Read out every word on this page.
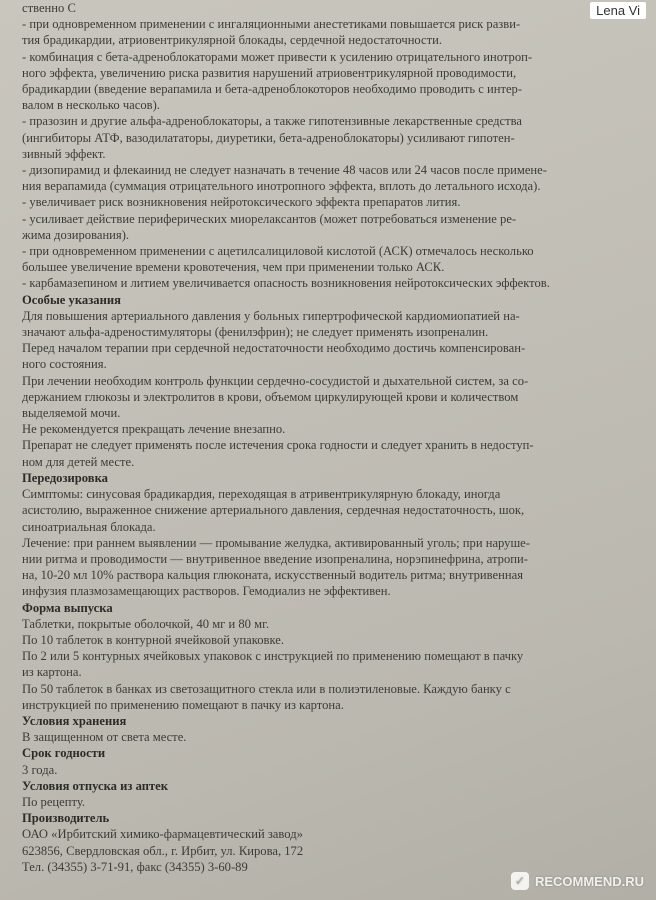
ственно С

- при одновременном применении с ингаляционными анестетиками повышается риск разви-

тия брадикардии, атриовентрикулярной блокады, сердечной недостаточности.

- комбинация с бета-адреноблокаторами может привести к усилению отрицательного инотроп-

ного эффекта, увеличению риска развития нарушений атриовентрикулярной проводимости,

брадикардии (введение верапамила и бета-адреноблокоторов необходимо проводить с интер-

валом в несколько часов).

- празозин и другие альфа-адреноблокаторы, а также гипотензивные лекарственные средства

(ингибиторы АТФ, вазодилататоры, диуретики, бета-адреноблокаторы) усиливают гипотен-

зивный эффект.

- дизопирамид и флекаинид не следует назначать в течение 48 часов или 24 часов после примене-

ния верапамида (суммация отрицательного инотропного эффекта, вплоть до летального исхода).

- увеличивает риск возникновения нейротоксического эффекта препаратов лития.

- усиливает действие периферических миорелаксантов (может потребоваться изменение ре-

жима дозирования).

- при одновременном применении с ацетилсалициловой кислотой (АСК) отмечалось несколько

большее увеличение времени кровотечения, чем при применении только АСК.

- карбамазепином и литием увеличивается опасность возникновения нейротоксических эффектов.

Особые указания

Для повышения артериального давления у больных гипертрофической кардиомиопатией на-

значают альфа-адреностимуляторы (фенилэфрин); не следует применять изопреналин.

Перед началом терапии при сердечной недостаточности необходимо достичь компенсирован-

ного состояния.

При лечении необходим контроль функции сердечно-сосудистой и дыхательной систем, за со-

держанием глюкозы и электролитов в крови, объемом циркулирующей крови и количеством

выделяемой мочи.

Не рекомендуется прекращать лечение внезапно.

Препарат не следует применять после истечения срока годности и следует хранить в недоступ-

ном для детей месте.

Передозировка

Симптомы: синусовая брадикардия, переходящая в атривентрикулярную блокаду, иногда

асистолию, выраженное снижение артериального давления, сердечная недостаточность, шок,

синоатриальная блокада.

Лечение: при раннем выявлении — промывание желудка, активированный уголь; при наруше-

нии ритма и проводимости — внутривенное введение изопреналина, норэпинефрина, атропи-

на, 10-20 мл 10% раствора кальция глюконата, искусственный водитель ритма; внутривенная

инфузия плазмозамещающих растворов. Гемодиализ не эффективен.

Форма выпуска

Таблетки, покрытые оболочкой, 40 мг и 80 мг.

По 10 таблеток в контурной ячейковой упаковке.

По 2 или 5 контурных ячейковых упаковок с инструкцией по применению помещают в пачку

из картона.

По 50 таблеток в банках из светозащитного стекла или в полиэтиленовые. Каждую банку с

инструкцией по применению помещают в пачку из картона.

Условия хранения

В защищенном от света месте.

Срок годности

3 года.

Условия отпуска из аптек

По рецепту.

Производитель

ОАО «Ирбитский химико-фармацевтический завод»

623856, Свердловская обл., г. Ирбит, ул. Кирова, 172

Тел. (34355) 3-71-91, факс (34355) 3-60-89

Lena Vi
✓ RECOMMEND.RU
